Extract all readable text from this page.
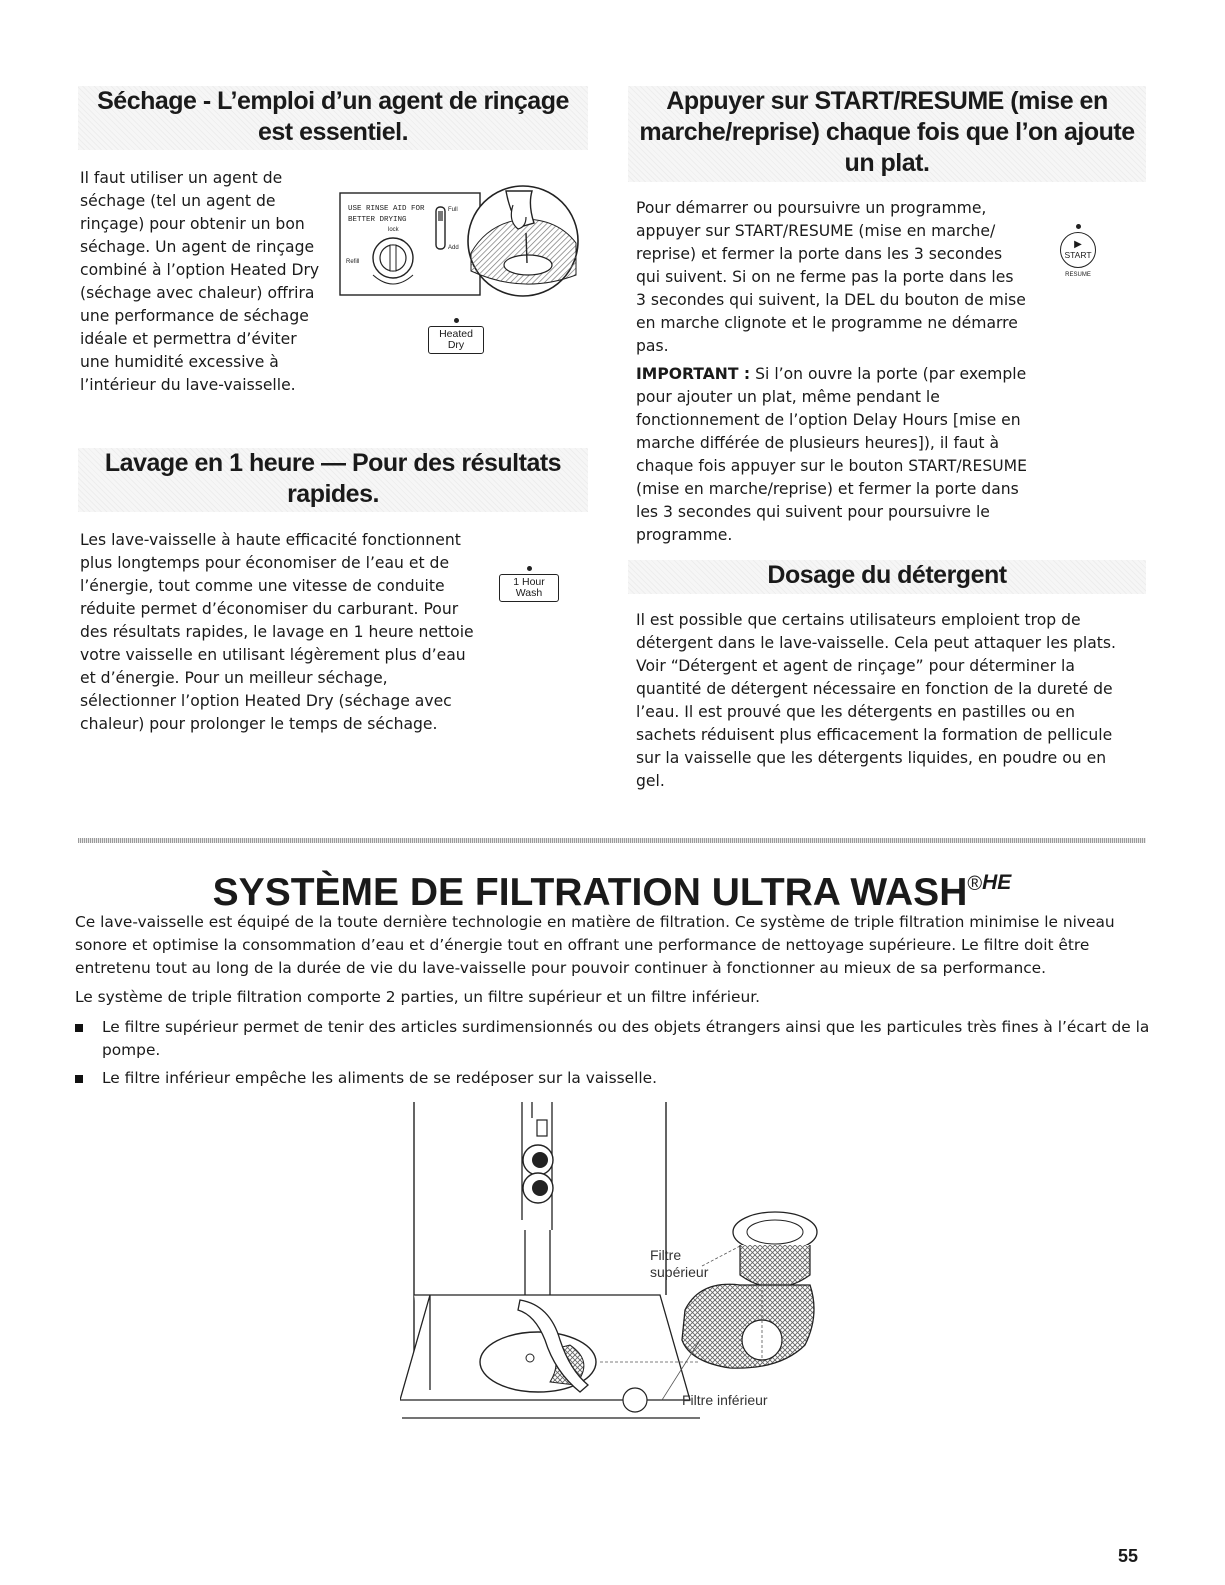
Séchage - L’emploi d’un agent de rinçage est essentiel.
Il faut utiliser un agent de séchage (tel un agent de rinçage) pour obtenir un bon séchage. Un agent de rinçage combiné à l’option Heated Dry (séchage avec chaleur) offrira une performance de séchage idéale et permettra d’éviter une humidité excessive à l’intérieur du lave-vaisselle.
USE RINSE AID FOR
BETTER DRYING
lock
Refill
Full
Add
Heated
Dry
Lavage en 1 heure — Pour des résultats rapides.
Les lave-vaisselle à haute efficacité fonctionnent plus longtemps pour économiser de l’eau et de l’énergie, tout comme une vitesse de conduite réduite permet d’économiser du carburant. Pour des résultats rapides, le lavage en 1 heure nettoie votre vaisselle en utilisant légèrement plus d’eau et d’énergie. Pour un meilleur séchage, sélectionner l’option Heated Dry (séchage avec chaleur) pour prolonger le temps de séchage.
1 Hour
Wash
Appuyer sur START/RESUME (mise en marche/reprise) chaque fois que l’on ajoute un plat.
Pour démarrer ou poursuivre un programme, appuyer sur START/RESUME (mise en marche/ reprise) et fermer la porte dans les 3 secondes qui suivent. Si on ne ferme pas la porte dans les 3 secondes qui suivent, la DEL du bouton de mise en marche clignote et le programme ne démarre pas.
IMPORTANT : Si l’on ouvre la porte (par exemple pour ajouter un plat, même pendant le fonctionnement de l’option Delay Hours [mise en marche différée de plusieurs heures]), il faut à chaque fois appuyer sur le bouton START/RESUME (mise en marche/reprise) et fermer la porte dans les 3 secondes qui suivent pour poursuivre le programme.
▶
START
RESUME
Dosage du détergent
Il est possible que certains utilisateurs emploient trop de détergent dans le lave-vaisselle. Cela peut attaquer les plats. Voir “Détergent et agent de rinçage” pour déterminer la quantité de détergent nécessaire en fonction de la dureté de l’eau. Il est prouvé que les détergents en pastilles ou en sachets réduisent plus efficacement la formation de pellicule sur la vaisselle que les détergents liquides, en poudre ou en gel.
SYSTÈME DE FILTRATION ULTRA $WASH^{®HE}$
Ce lave-vaisselle est équipé de la toute dernière technologie en matière de filtration. Ce système de triple filtration minimise le niveau sonore et optimise la consommation d’eau et d’énergie tout en offrant une performance de nettoyage supérieure. Le filtre doit être entretenu tout au long de la durée de vie du lave-vaisselle pour pouvoir continuer à fonctionner au mieux de sa performance.
Le système de triple filtration comporte 2 parties, un filtre supérieur et un filtre inférieur.
Le filtre supérieur permet de tenir des articles surdimensionnés ou des objets étrangers ainsi que les particules très fines à l’écart de la pompe.
Le filtre inférieur empêche les aliments de se redéposer sur la vaisselle.
Filtre
supérieur
Filtre inférieur
55
